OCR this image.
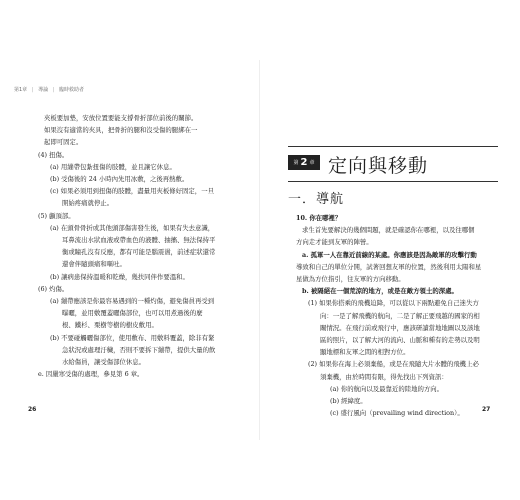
第1章 | 導論 | 臨時救助者
夾板要加墊，安放位置要能支撐骨折部位前後的關節。
如果沒有適當的夾具，把骨折的腿和沒受傷的腿綁在一
起即可固定。
(4) 扭傷。
(a) 用繃帶包紮扭傷的肢體，並且讓它休息。
(b) 受傷後的 24 小時內先用冰敷，之後再熱敷。
(c) 如果必須用到扭傷的肢體，盡量用夾板條好固定，一旦
開始疼痛就停止。
(5) 顱頂部。
(a) 在頭骨骨折或其他頭部傷害發生後，如果有失去意識，
耳鼻流出水狀血液或帶血色的液體、抽搐、無法保持平
衡或瞳孔沒有反應，都有可能是腦震盪，前述症狀還常
還會伴隨頭痛和嘔吐。
(b) 讓病患保持溫暖和乾燥，幾扶同伴作要溫和。
(6) 灼傷。
(a) 繃帶應該是你最容易遇到的一種灼傷，避免傷員再受到
曝曬，並用敷覆蓋曬傷部位，也可以用煮過後的麼
根、鐵杉、栗樹等樹的樹皮敷用。
(b) 不要碰觸曬傷部位，使用敷布、用敷料覆蓋，除非有緊
急狀況或處理汙穢，否則不要拆下繃帶，提供大量的飲
水給傷員，讓受傷部位休息。
e. 因嚴寒受傷的處理，參見第 6 章。
26
第 2 章 定向與移動
一．導航
10. 你在哪裡？
求生首先要解決的幾個問題，就是確認你在哪裡，以及往哪個
方向走才能到友軍的陣營。
a. 孤軍一人在靠近前線的某處。你應該是因為敵軍的攻擊行動
導致和自己的單位分開，試著回想友軍的位置，然後利用太陽和星
星做為方位指引，往友軍的方向移動。
b. 被隔絕在一個荒涼的地方，或是在敵方領土的深處。
(1) 如果你搭乘的飛機迫降，可以從以下兩點避免自己迷失方
向：一是了解飛機的航向，二是了解正要飛越的國家的相
關情況。在飛行前或飛行中，應該研讀當地地圖以及該地
區的照片，以了解大河的流向、山脈和種有的走勢以及明
顯地標和友軍之間的相對方位。
(2) 如果你在海上必須棄船，或是在飛隨大片水體的飛機上必
須棄機，由於時間有限，得先找出下列資訊：
(a) 你的航向以及最靠近的陸地的方向。
(b) 經緯度。
(c) 盛行風向（prevailing wind direction）。	27
